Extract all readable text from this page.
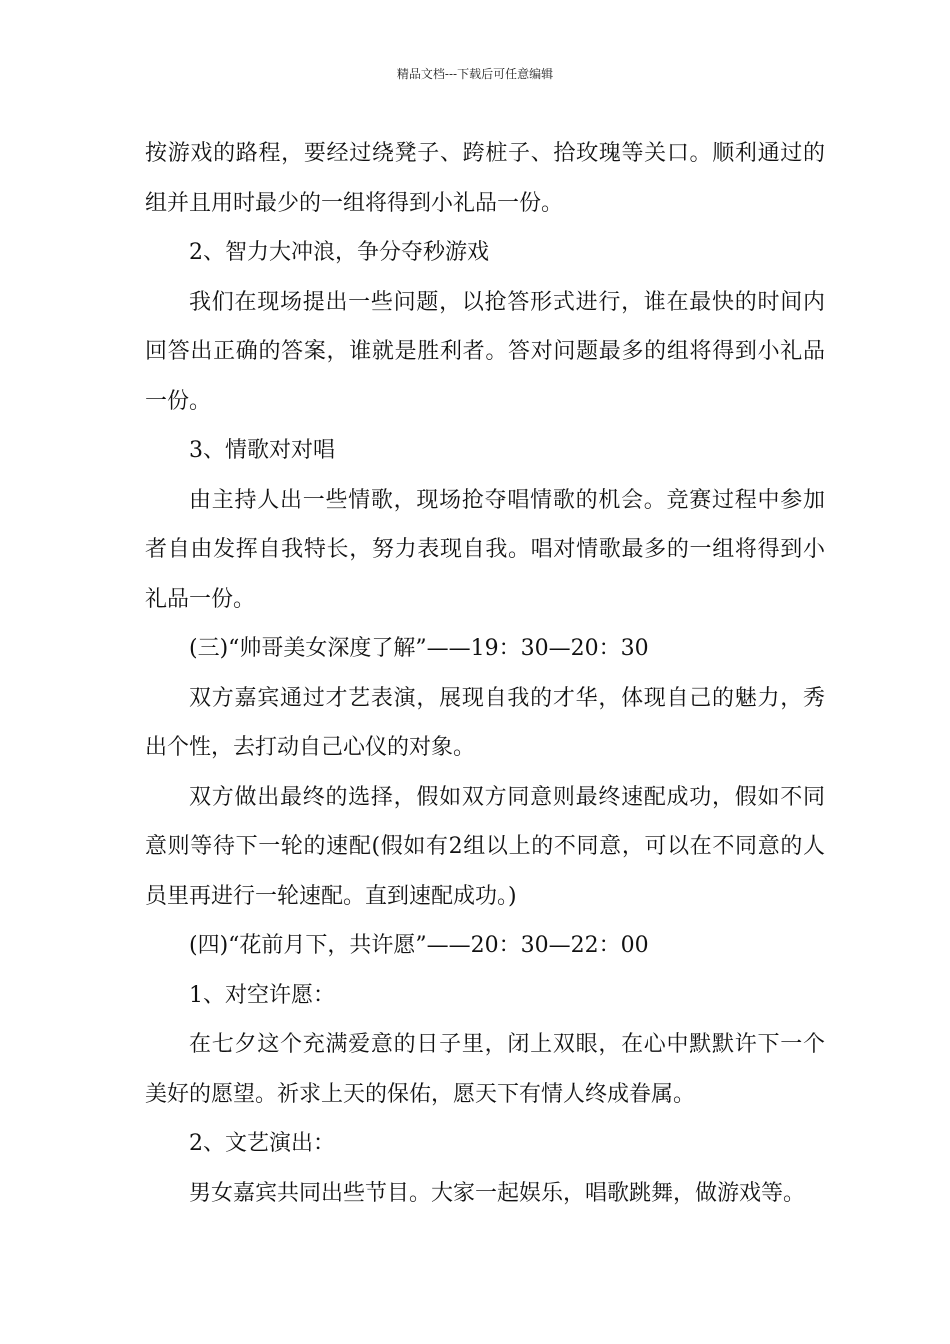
精品文档---下载后可任意编辑

按游戏的路程，要经过绕凳子、跨桩子、拾玫瑰等关口。顺利通过的组并且用时最少的一组将得到小礼品一份。

2、智力大冲浪，争分夺秒游戏

我们在现场提出一些问题，以抢答形式进行，谁在最快的时间内回答出正确的答案，谁就是胜利者。答对问题最多的组将得到小礼品一份。

3、情歌对对唱

由主持人出一些情歌，现场抢夺唱情歌的机会。竞赛过程中参加者自由发挥自我特长，努力表现自我。唱对情歌最多的一组将得到小礼品一份。

(三)“帅哥美女深度了解”——19：30—20：30

双方嘉宾通过才艺表演，展现自我的才华，体现自己的魅力，秀出个性，去打动自己心仪的对象。

双方做出最终的选择，假如双方同意则最终速配成功，假如不同意则等待下一轮的速配(假如有2组以上的不同意，可以在不同意的人员里再进行一轮速配。直到速配成功。)

(四)“花前月下，共许愿”——20：30—22：00

1、对空许愿：

在七夕这个充满爱意的日子里，闭上双眼，在心中默默许下一个美好的愿望。祈求上天的保佑，愿天下有情人终成眷属。

2、文艺演出：

男女嘉宾共同出些节目。大家一起娱乐，唱歌跳舞，做游戏等。
